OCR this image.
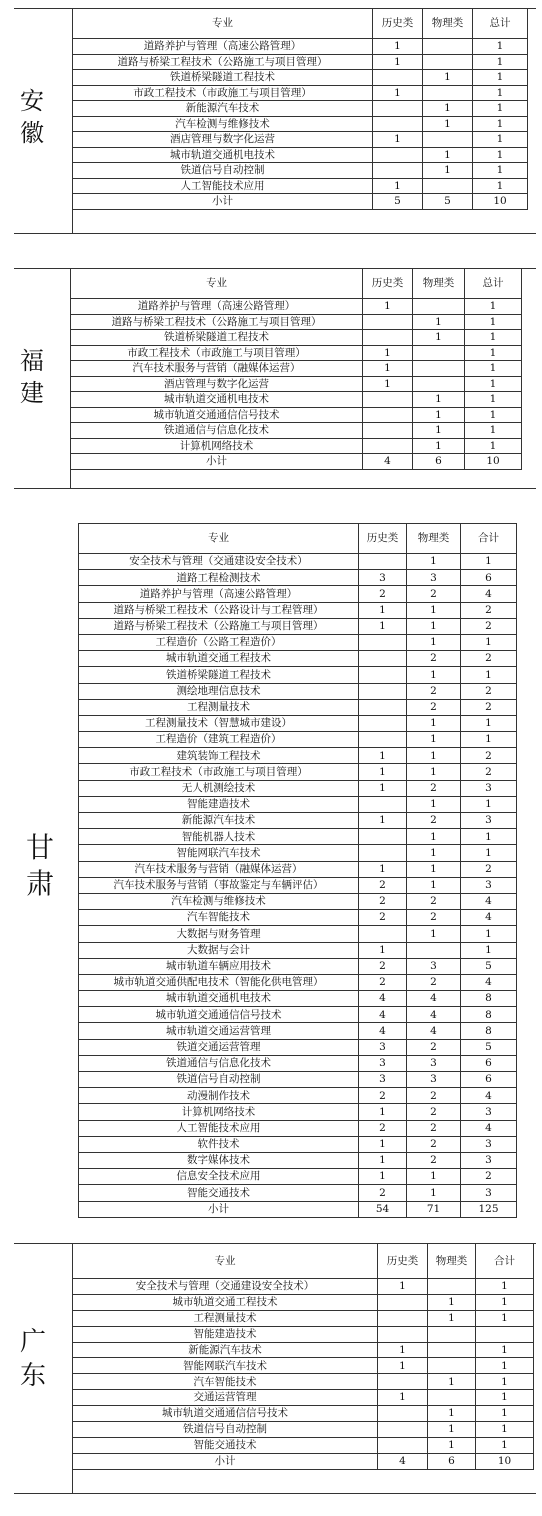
安
徽
专业	历史类	物理类	总计
道路养护与管理（高速公路管理）	1		1
道路与桥梁工程技术（公路施工与项目管理）	1		1
铁道桥梁隧道工程技术		1	1
市政工程技术（市政施工与项目管理）	1		1
新能源汽车技术		1	1
汽车检测与维修技术		1	1
酒店管理与数字化运营	1		1
城市轨道交通机电技术		1	1
铁道信号自动控制		1	1
人工智能技术应用	1		1
小计	5	5	10
福
建
专业	历史类	物理类	总计
道路养护与管理（高速公路管理）	1		1
道路与桥梁工程技术（公路施工与项目管理）		1	1
铁道桥梁隧道工程技术		1	1
市政工程技术（市政施工与项目管理）	1		1
汽车技术服务与营销（融媒体运营）	1		1
酒店管理与数字化运营	1		1
城市轨道交通机电技术		1	1
城市轨道交通通信信号技术		1	1
铁道通信与信息化技术		1	1
计算机网络技术		1	1
小计	4	6	10
甘
肃
专业	历史类	物理类	合计
安全技术与管理（交通建设安全技术）		1	1
道路工程检测技术	3	3	6
道路养护与管理（高速公路管理）	2	2	4
道路与桥梁工程技术（公路设计与工程管理）	1	1	2
道路与桥梁工程技术（公路施工与项目管理）	1	1	2
工程造价（公路工程造价）		1	1
城市轨道交通工程技术		2	2
铁道桥梁隧道工程技术		1	1
测绘地理信息技术		2	2
工程测量技术		2	2
工程测量技术（智慧城市建设）		1	1
工程造价（建筑工程造价）		1	1
建筑装饰工程技术	1	1	2
市政工程技术（市政施工与项目管理）	1	1	2
无人机测绘技术	1	2	3
智能建造技术		1	1
新能源汽车技术	1	2	3
智能机器人技术		1	1
智能网联汽车技术		1	1
汽车技术服务与营销（融媒体运营）	1	1	2
汽车技术服务与营销（事故鉴定与车辆评估）	2	1	3
汽车检测与维修技术	2	2	4
汽车智能技术	2	2	4
大数据与财务管理		1	1
大数据与会计	1		1
城市轨道车辆应用技术	2	3	5
城市轨道交通供配电技术（智能化供电管理）	2	2	4
城市轨道交通机电技术	4	4	8
城市轨道交通通信信号技术	4	4	8
城市轨道交通运营管理	4	4	8
铁道交通运营管理	3	2	5
铁道通信与信息化技术	3	3	6
铁道信号自动控制	3	3	6
动漫制作技术	2	2	4
计算机网络技术	1	2	3
人工智能技术应用	2	2	4
软件技术	1	2	3
数字媒体技术	1	2	3
信息安全技术应用	1	1	2
智能交通技术	2	1	3
小计	54	71	125
广
东
专业	历史类	物理类	合计
安全技术与管理（交通建设安全技术）	1		1
城市轨道交通工程技术		1	1
工程测量技术		1	1
智能建造技术			
新能源汽车技术	1		1
智能网联汽车技术	1		1
汽车智能技术		1	1
交通运营管理	1		1
城市轨道交通通信信号技术		1	1
铁道信号自动控制		1	1
智能交通技术		1	1
小计	4	6	10
